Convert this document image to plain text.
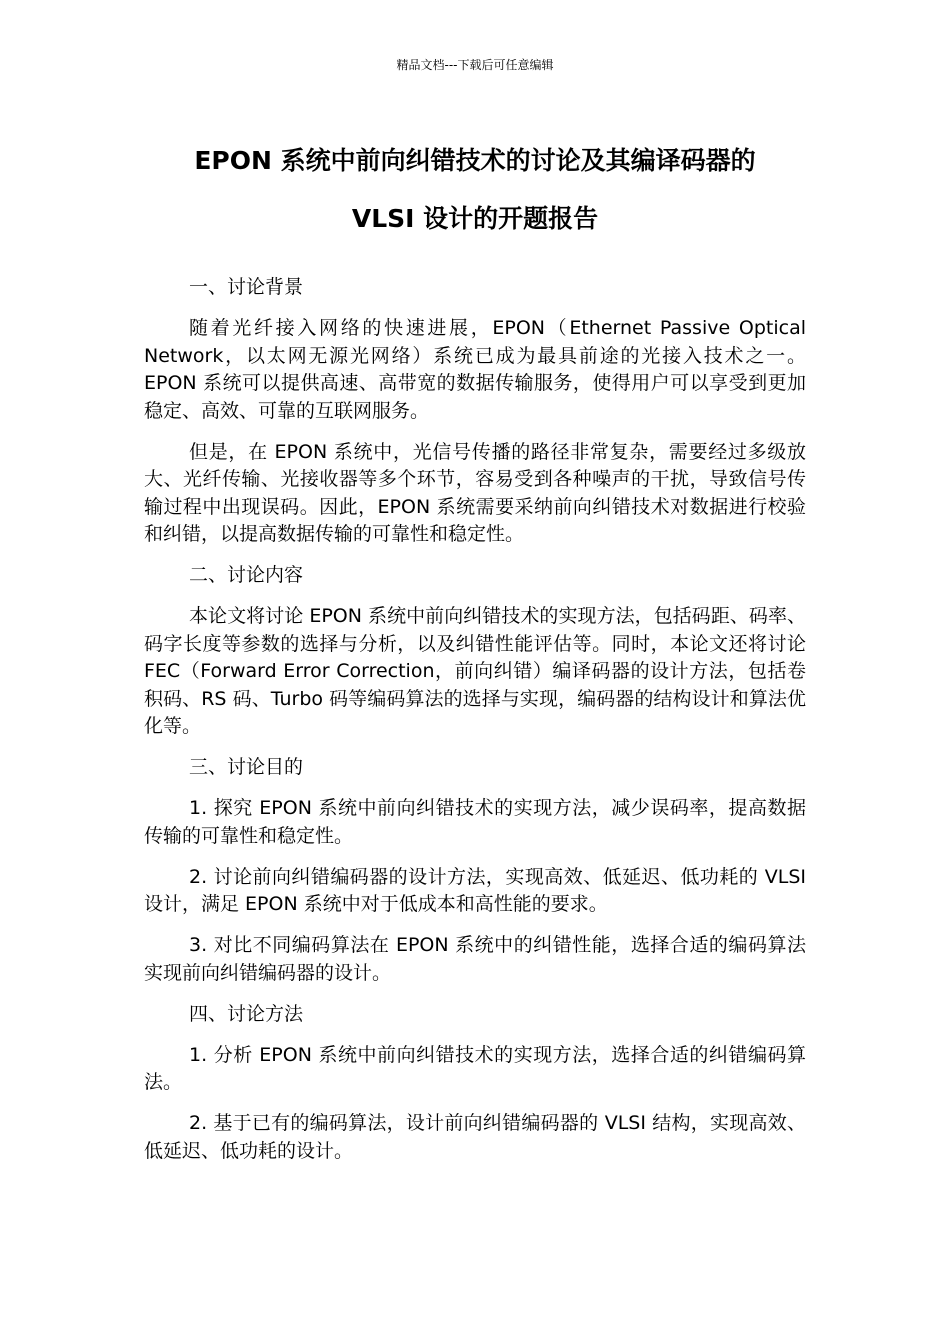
精品文档---下载后可任意编辑
EPON 系统中前向纠错技术的讨论及其编译码器的
VLSI 设计的开题报告

一、讨论背景

随着光纤接入网络的快速进展，EPON（Ethernet Passive Optical Network，以太网无源光网络）系统已成为最具前途的光接入技术之一。EPON 系统可以提供高速、高带宽的数据传输服务，使得用户可以享受到更加稳定、高效、可靠的互联网服务。

但是，在 EPON 系统中，光信号传播的路径非常复杂，需要经过多级放大、光纤传输、光接收器等多个环节，容易受到各种噪声的干扰，导致信号传输过程中出现误码。因此，EPON 系统需要采纳前向纠错技术对数据进行校验和纠错，以提高数据传输的可靠性和稳定性。

二、讨论内容

本论文将讨论 EPON 系统中前向纠错技术的实现方法，包括码距、码率、码字长度等参数的选择与分析，以及纠错性能评估等。同时，本论文还将讨论 FEC（Forward Error Correction，前向纠错）编译码器的设计方法，包括卷积码、RS 码、Turbo 码等编码算法的选择与实现，编码器的结构设计和算法优化等。

三、讨论目的

1. 探究 EPON 系统中前向纠错技术的实现方法，减少误码率，提高数据传输的可靠性和稳定性。

2. 讨论前向纠错编码器的设计方法，实现高效、低延迟、低功耗的 VLSI 设计，满足 EPON 系统中对于低成本和高性能的要求。

3. 对比不同编码算法在 EPON 系统中的纠错性能，选择合适的编码算法实现前向纠错编码器的设计。

四、讨论方法

1. 分析 EPON 系统中前向纠错技术的实现方法，选择合适的纠错编码算法。

2. 基于已有的编码算法，设计前向纠错编码器的 VLSI 结构，实现高效、低延迟、低功耗的设计。
